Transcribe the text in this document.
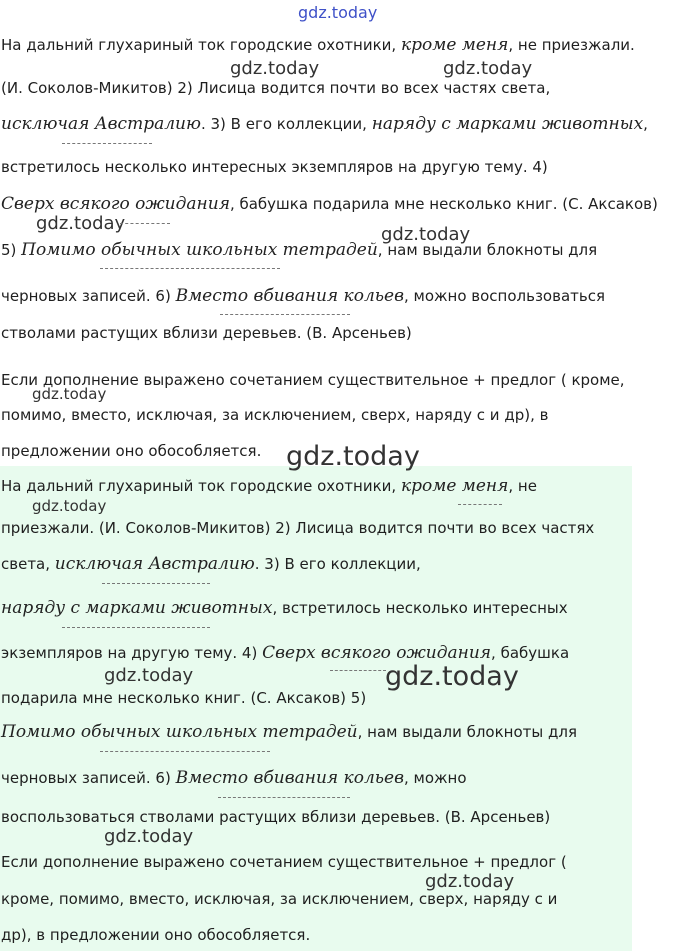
gdz.today
gdz.today	gdz.today
gdz.today
gdz.today
gdz.today
gdz.today
gdz.today
gdz.today	gdz.today
gdz.today
gdz.today
На дальний глухариный ток городские охотники, кроме меня, не приезжали.
(И. Соколов-Микитов) 2) Лисица водится почти во всех частях света,
исключая Австралию. 3) В его коллекции, наряду с марками животных,
встретилось несколько интересных экземпляров на другую тему. 4)
Сверх всякого ожидания, бабушка подарила мне несколько книг. (С. Аксаков)
5) Помимо обычных школьных тетрадей, нам выдали блокноты для
черновых записей. 6) Вместо вбивания кольев, можно воспользоваться
стволами растущих вблизи деревьев. (В. Арсеньев)
Если дополнение выражено сочетанием существительное + предлог ( кроме,
помимо, вместо, исключая, за исключением, сверх, наряду с и др), в
предложении оно обособляется.
На дальний глухариный ток городские охотники, кроме меня, не
приезжали. (И. Соколов-Микитов) 2) Лисица водится почти во всех частях
света, исключая Австралию. 3) В его коллекции,
наряду с марками животных, встретилось несколько интересных
экземпляров на другую тему. 4) Сверх всякого ожидания, бабушка
подарила мне несколько книг. (С. Аксаков) 5)
Помимо обычных школьных тетрадей, нам выдали блокноты для
черновых записей. 6) Вместо вбивания кольев, можно
воспользоваться стволами растущих вблизи деревьев. (В. Арсеньев)
Если дополнение выражено сочетанием существительное + предлог (
кроме, помимо, вместо, исключая, за исключением, сверх, наряду с и
др), в предложении оно обособляется.
